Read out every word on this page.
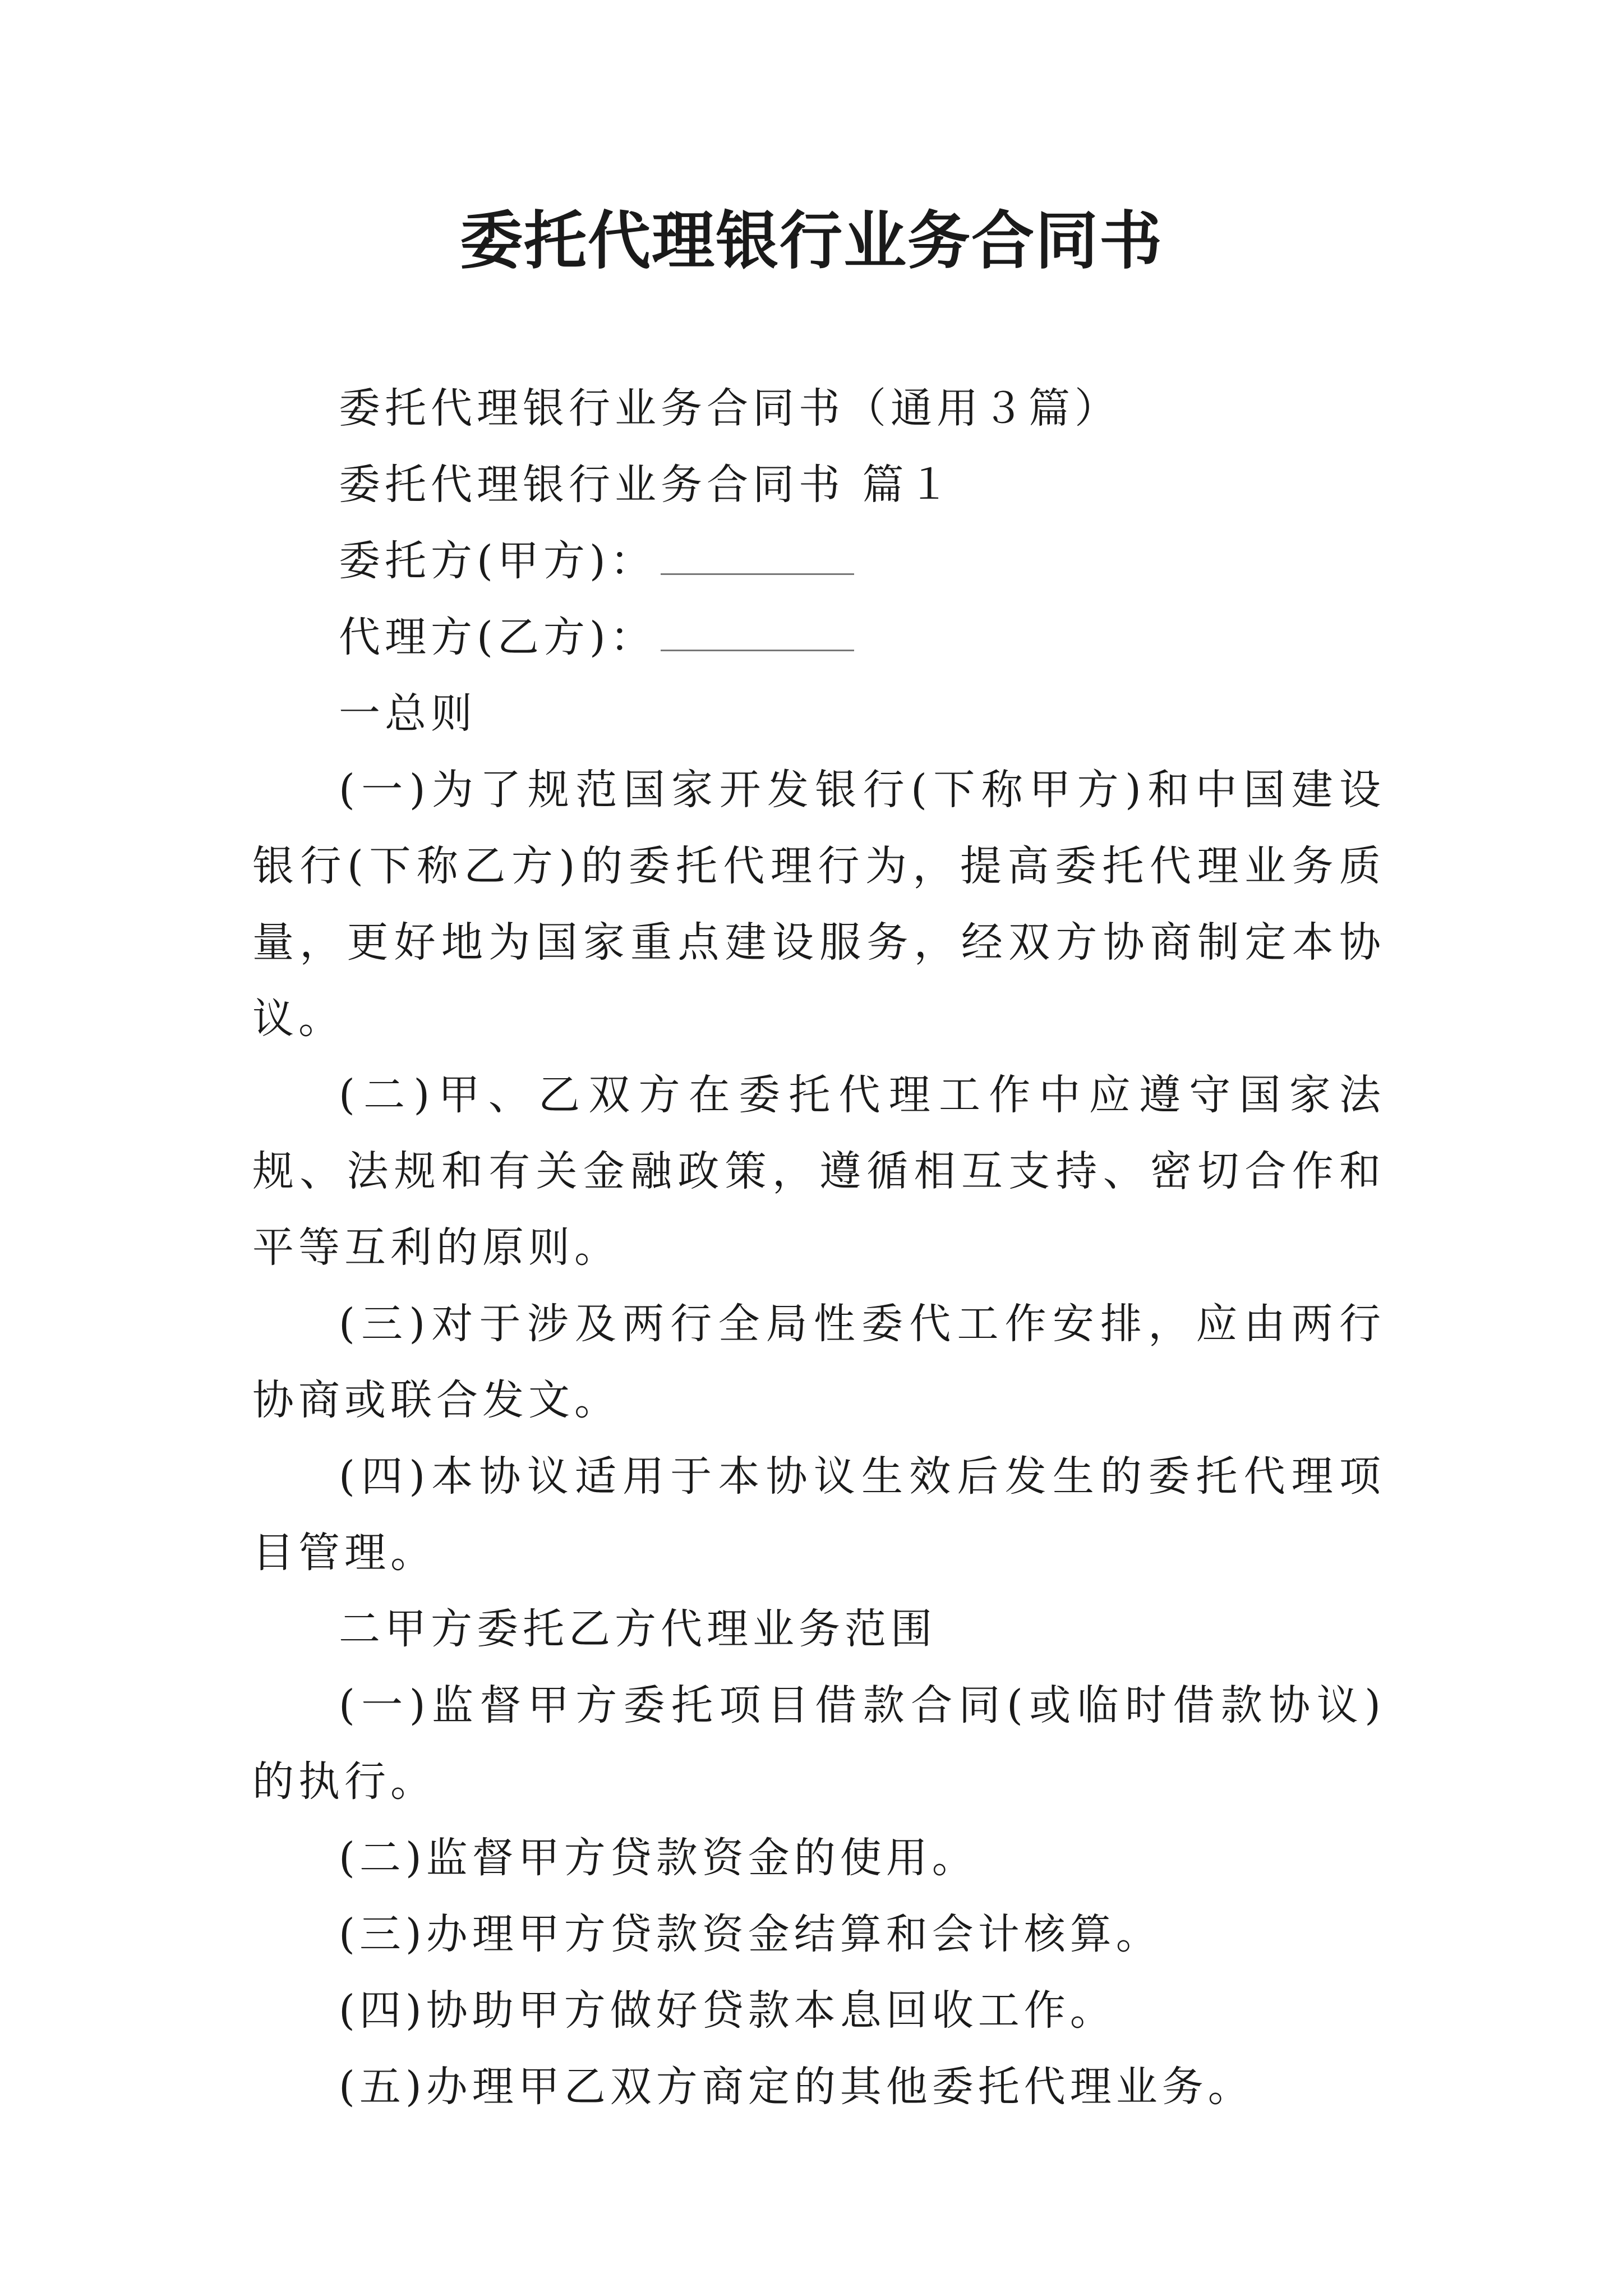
委托代理银行业务合同书

委托代理银行业务合同书（通用３篇）

委托代理银行业务合同书 篇１

委托方(甲方)：

代理方(乙方)：

一总则

(一)为了规范国家开发银行(下称甲方)和中国建设银行(下称乙方)的委托代理行为，提高委托代理业务质量，更好地为国家重点建设服务，经双方协商制定本协议。

(二)甲、乙双方在委托代理工作中应遵守国家法规、法规和有关金融政策，遵循相互支持、密切合作和平等互利的原则。

(三)对于涉及两行全局性委代工作安排，应由两行协商或联合发文。

(四)本协议适用于本协议生效后发生的委托代理项目管理。

二甲方委托乙方代理业务范围

(一)监督甲方委托项目借款合同(或临时借款协议)的执行。

(二)监督甲方贷款资金的使用。

(三)办理甲方贷款资金结算和会计核算。

(四)协助甲方做好贷款本息回收工作。

(五)办理甲乙双方商定的其他委托代理业务。
